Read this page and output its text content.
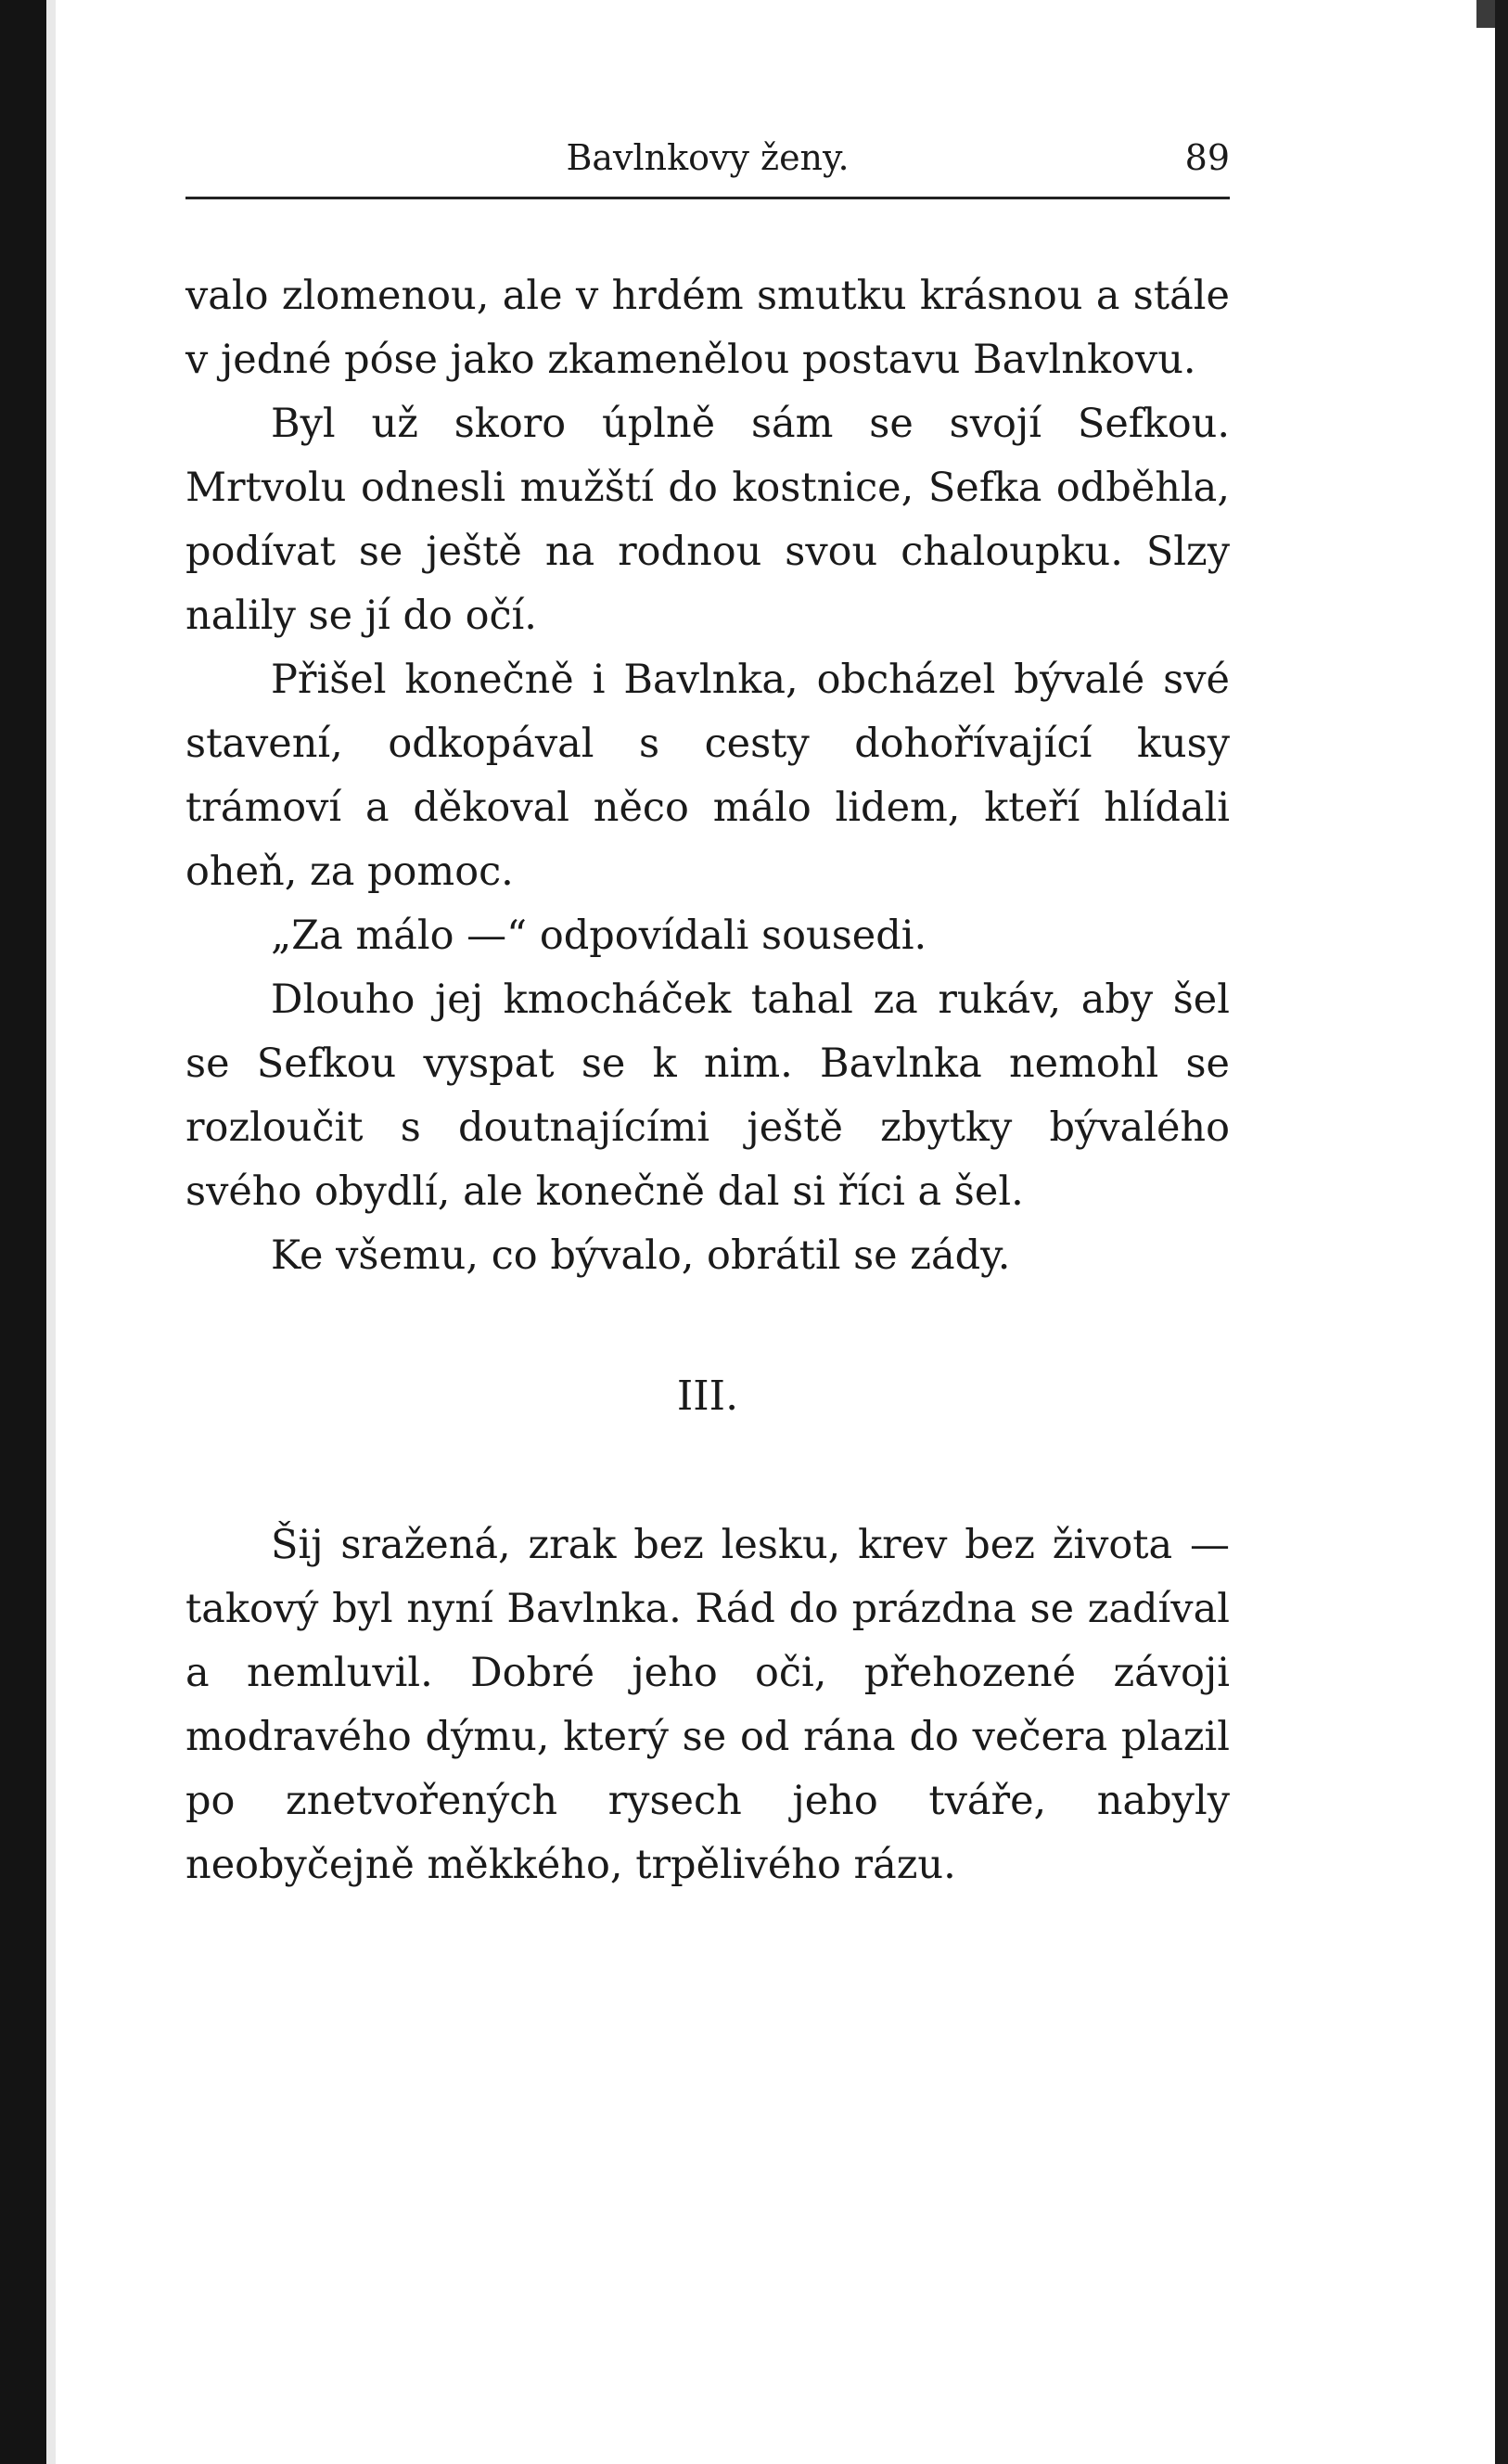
Bavlnkovy ženy.	89

valo zlomenou, ale v hrdém smutku krásnou a stále v jedné póse jako zkamenělou postavu Bavlnkovu.

Byl už skoro úplně sám se svojí Sefkou. Mrtvolu odnesli mužští do kostnice, Sefka odběhla, podívat se ještě na rodnou svou chaloupku. Slzy nalily se jí do očí.

Přišel konečně i Bavlnka, obcházel bývalé své stavení, odkopával s cesty dohořívající kusy trámoví a děkoval něco málo lidem, kteří hlídali oheň, za pomoc.

„Za málo —“ odpovídali sousedi.

Dlouho jej kmocháček tahal za rukáv, aby šel se Sefkou vyspat se k nim. Bavlnka nemohl se rozloučit s doutnajícími ještě zbytky bývalého svého obydlí, ale konečně dal si říci a šel.

Ke všemu, co bývalo, obrátil se zády.

III.

Šij sražená, zrak bez lesku, krev bez života — takový byl nyní Bavlnka. Rád do prázdna se zadíval a nemluvil. Dobré jeho oči, přehozené závoji modravého dýmu, který se od rána do večera plazil po znetvořených rysech jeho tváře, nabyly neobyčejně měkkého, trpělivého rázu.
